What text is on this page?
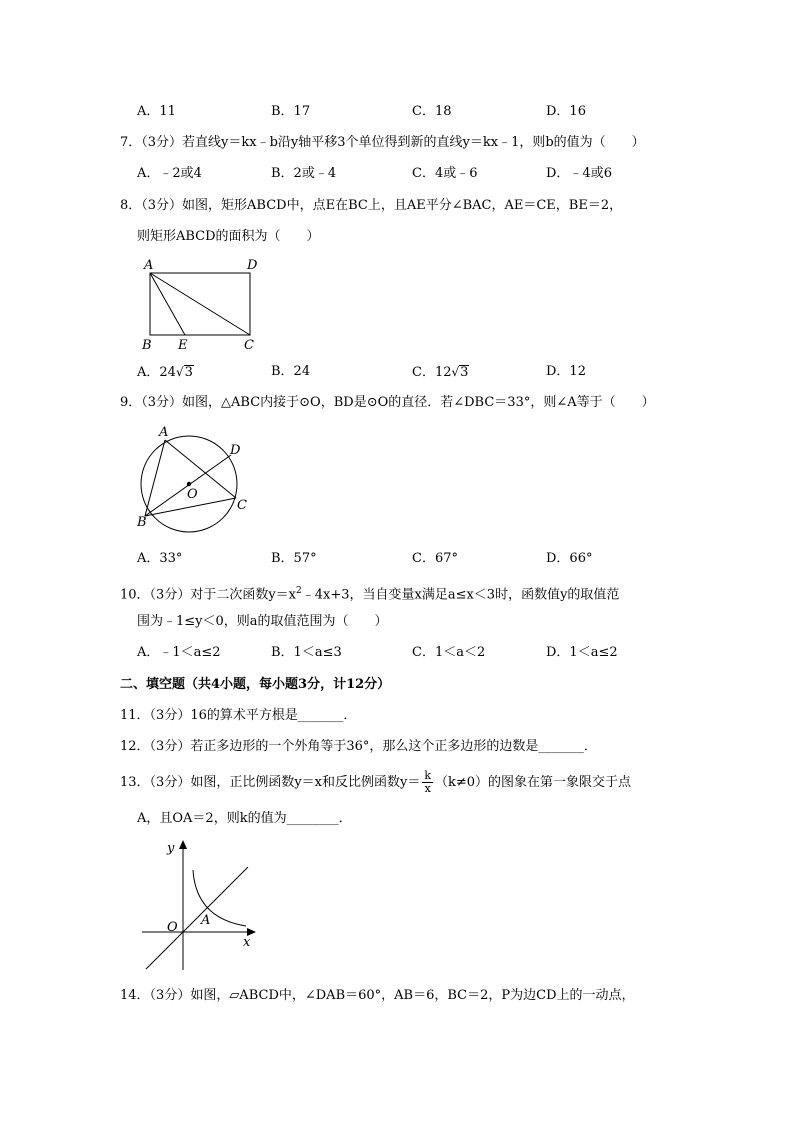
A．11	B．17	C．18	D．16
7．（3分）若直线y＝kx﹣b沿y轴平移3个单位得到新的直线y＝kx﹣1，则b的值为（　　）
A．﹣2或4	B．2或﹣4	C．4或﹣6	D．﹣4或6
8．（3分）如图，矩形ABCD中，点E在BC上，且AE平分∠BAC，AE＝CE，BE＝2，
则矩形ABCD的面积为（　　）
A	D
B E	C
A．24√3	B．24	C．12√3	D．12
9．（3分）如图，△ABC内接于⊙O，BD是⊙O的直径．若∠DBC＝33°，则∠A等于（　　）
A
D
O
C
B
A．33°	B．57°	C．67°	D．66°
10．（3分）对于二次函数$y=x^2﹣4x+3$，当自变量x满足a≤x＜3时，函数值y的取值范
围为﹣1≤y＜0，则a的取值范围为（　　）
A．﹣1＜a≤2	B．1＜a≤3	C．1＜a＜2	D．1＜a≤2
二、填空题（共4小题，每小题3分，计12分）
11．（3分）16的算术平方根是_______．
12．（3分）若正多边形的一个外角等于36°，那么这个正多边形的边数是_______．
13．（3分）如图，正比例函数y＝x和反比例函数$y= \frac{k}{x} (k\ne 0)$的图象在第一象限交于点
A，且OA＝2，则k的值为________．
y
x
O A
14．（3分）如图，▱ABCD中，∠DAB＝60°，AB＝6，BC＝2，P为边CD上的一动点，
